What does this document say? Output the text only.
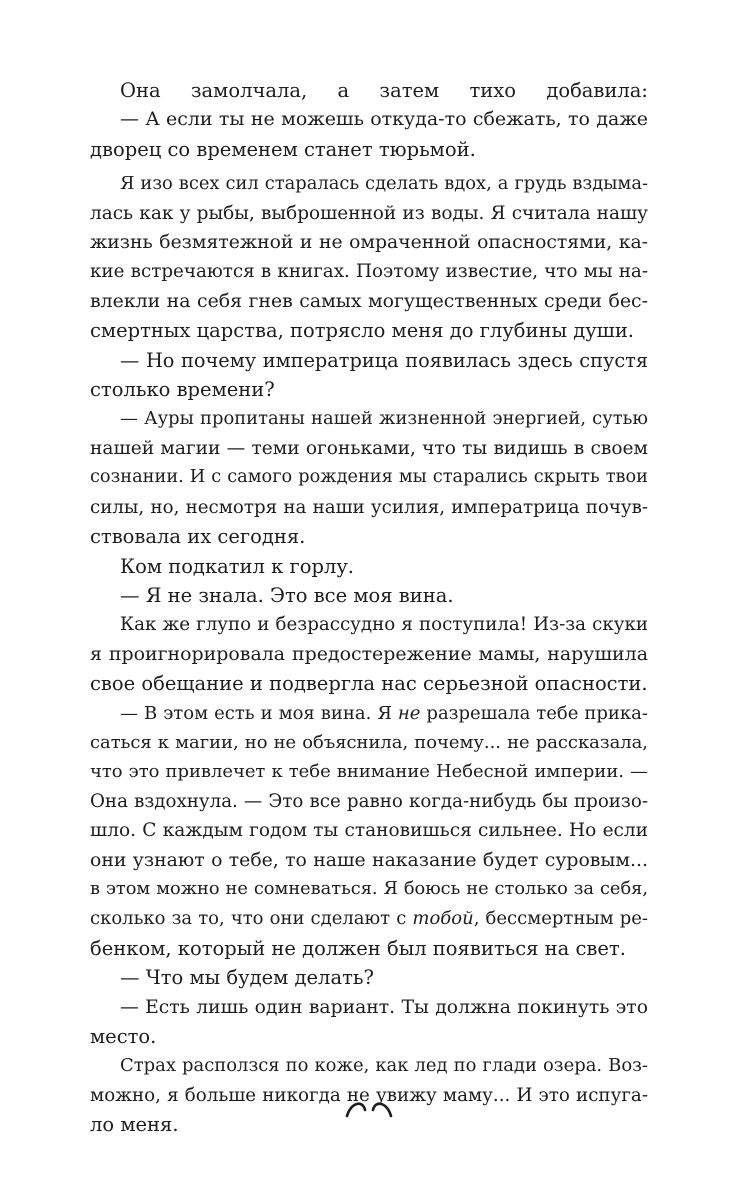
Она замолчала, а затем тихо добавила:
— А если ты не можешь откуда-то сбежать, то даже
дворец со временем станет тюрьмой.
Я изо всех сил старалась сделать вдох, а грудь вздыма-
лась как у рыбы, выброшенной из воды. Я считала нашу
жизнь безмятежной и не омраченной опасностями, ка-
кие встречаются в книгах. Поэтому известие, что мы на-
влекли на себя гнев самых могущественных среди бес-
смертных царства, потрясло меня до глубины души.
— Но почему императрица появилась здесь спустя
столько времени?
— Ауры пропитаны нашей жизненной энергией, сутью
нашей магии — теми огоньками, что ты видишь в своем
сознании. И с самого рождения мы старались скрыть твои
силы, но, несмотря на наши усилия, императрица почув-
ствовала их сегодня.
Ком подкатил к горлу.
— Я не знала. Это все моя вина.
Как же глупо и безрассудно я поступила! Из-за скуки
я проигнорировала предостережение мамы, нарушила
свое обещание и подвергла нас серьезной опасности.
— В этом есть и моя вина. Я не разрешала тебе прика-
саться к магии, но не объяснила, почему... не рассказала,
что это привлечет к тебе внимание Небесной империи. —
Она вздохнула. — Это все равно когда-нибудь бы произо-
шло. С каждым годом ты становишься сильнее. Но если
они узнают о тебе, то наше наказание будет суровым...
в этом можно не сомневаться. Я боюсь не столько за себя,
сколько за то, что они сделают с тобой, бессмертным ре-
бенком, который не должен был появиться на свет.
— Что мы будем делать?
— Есть лишь один вариант. Ты должна покинуть это
место.
Страх расползся по коже, как лед по глади озера. Воз-
можно, я больше никогда не увижу маму... И это испуга-
ло меня.
